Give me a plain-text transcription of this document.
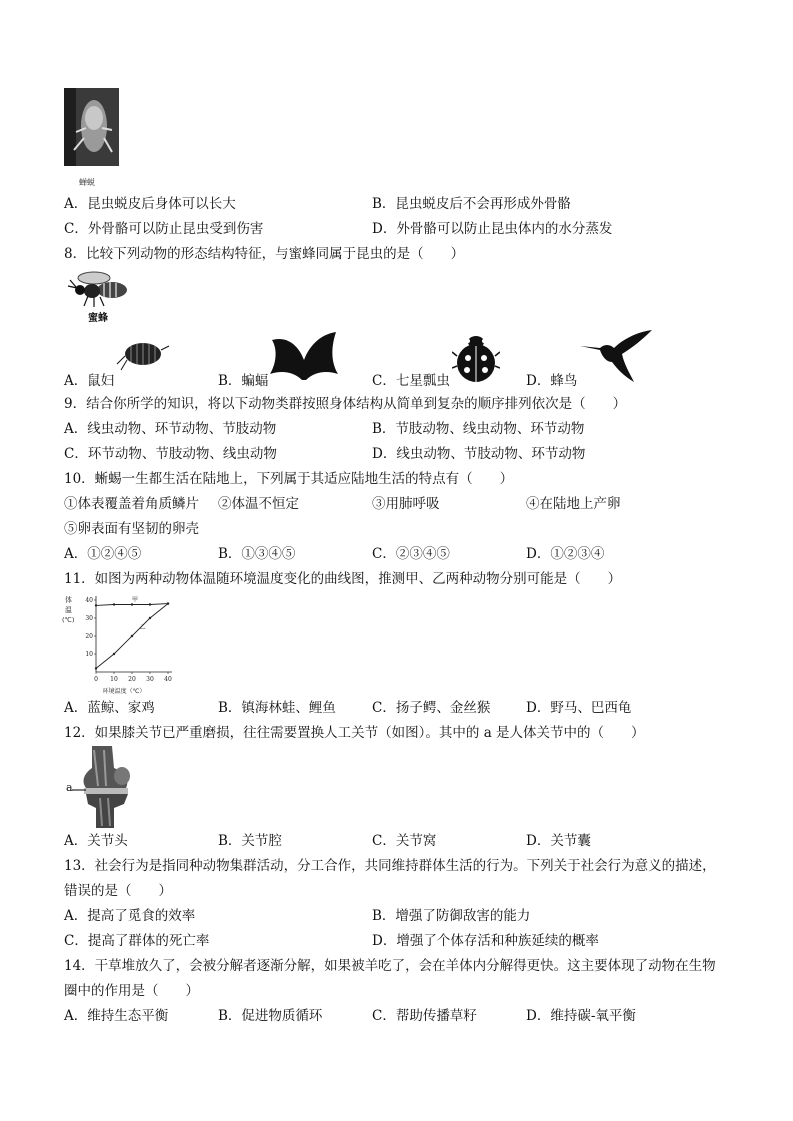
蝉蜕
A．昆虫蜕皮后身体可以长大	B．昆虫蜕皮后不会再形成外骨骼
C．外骨骼可以防止昆虫受到伤害	D．外骨骼可以防止昆虫体内的水分蒸发
8．比较下列动物的形态结构特征，与蜜蜂同属于昆虫的是（　　）
蜜蜂
A．鼠妇	B．蝙蝠	C．七星瓢虫	D．蜂鸟
9．结合你所学的知识，将以下动物类群按照身体结构从简单到复杂的顺序排列依次是（　　）
A．线虫动物、环节动物、节肢动物	B．节肢动物、线虫动物、环节动物
C．环节动物、节肢动物、线虫动物	D．线虫动物、节肢动物、环节动物
10．蜥蜴一生都生活在陆地上，下列属于其适应陆地生活的特点有（　　）
①体表覆盖着角质鳞片 ②体温不恒定	③用肺呼吸	④在陆地上产卵
⑤卵表面有坚韧的卵壳
A．①②④⑤	B．①③④⑤	C．②③④⑤	D．①②③④
11．如图为两种动物体温随环境温度变化的曲线图，推测甲、乙两种动物分别可能是（　　）
体
温
(℃)
0 10 20 30 40
10
20
30
40	甲
乙
环境温度（℃）
A．蓝鲸、家鸡	B．镇海林蛙、鲤鱼	C．扬子鳄、金丝猴	D．野马、巴西龟
12．如果膝关节已严重磨损，往往需要置换人工关节（如图）。其中的 a 是人体关节中的（　　）
a
A．关节头	B．关节腔	C．关节窝	D．关节囊
13．社会行为是指同种动物集群活动，分工合作，共同维持群体生活的行为。下列关于社会行为意义的描述，
错误的是（　　）
A．提高了觅食的效率	B．增强了防御敌害的能力
C．提高了群体的死亡率	D．增强了个体存活和种族延续的概率
14．干草堆放久了，会被分解者逐渐分解，如果被羊吃了，会在羊体内分解得更快。这主要体现了动物在生物
圈中的作用是（　　）
A．维持生态平衡	B．促进物质循环	C．帮助传播草籽	D．维持碳-氧平衡
